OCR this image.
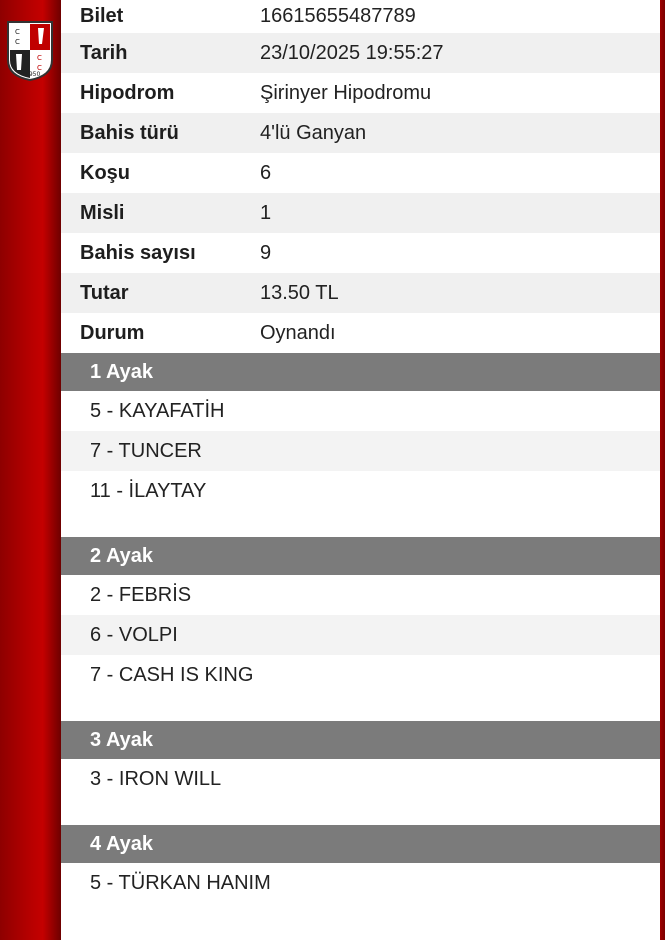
C
C
C
C
1950
Bilet	16615655487789
Tarih	23/10/2025 19:55:27
Hipodrom	Şirinyer Hipodromu
Bahis türü	4'lü Ganyan
Koşu	6
Misli	1
Bahis sayısı	9
Tutar	13.50 TL
Durum	Oynandı
1 Ayak
5 - KAYAFATİH
7 - TUNCER
11 - İLAYTAY
2 Ayak
2 - FEBRİS
6 - VOLPI
7 - CASH IS KING
3 Ayak
3 - IRON WILL
4 Ayak
5 - TÜRKAN HANIM
